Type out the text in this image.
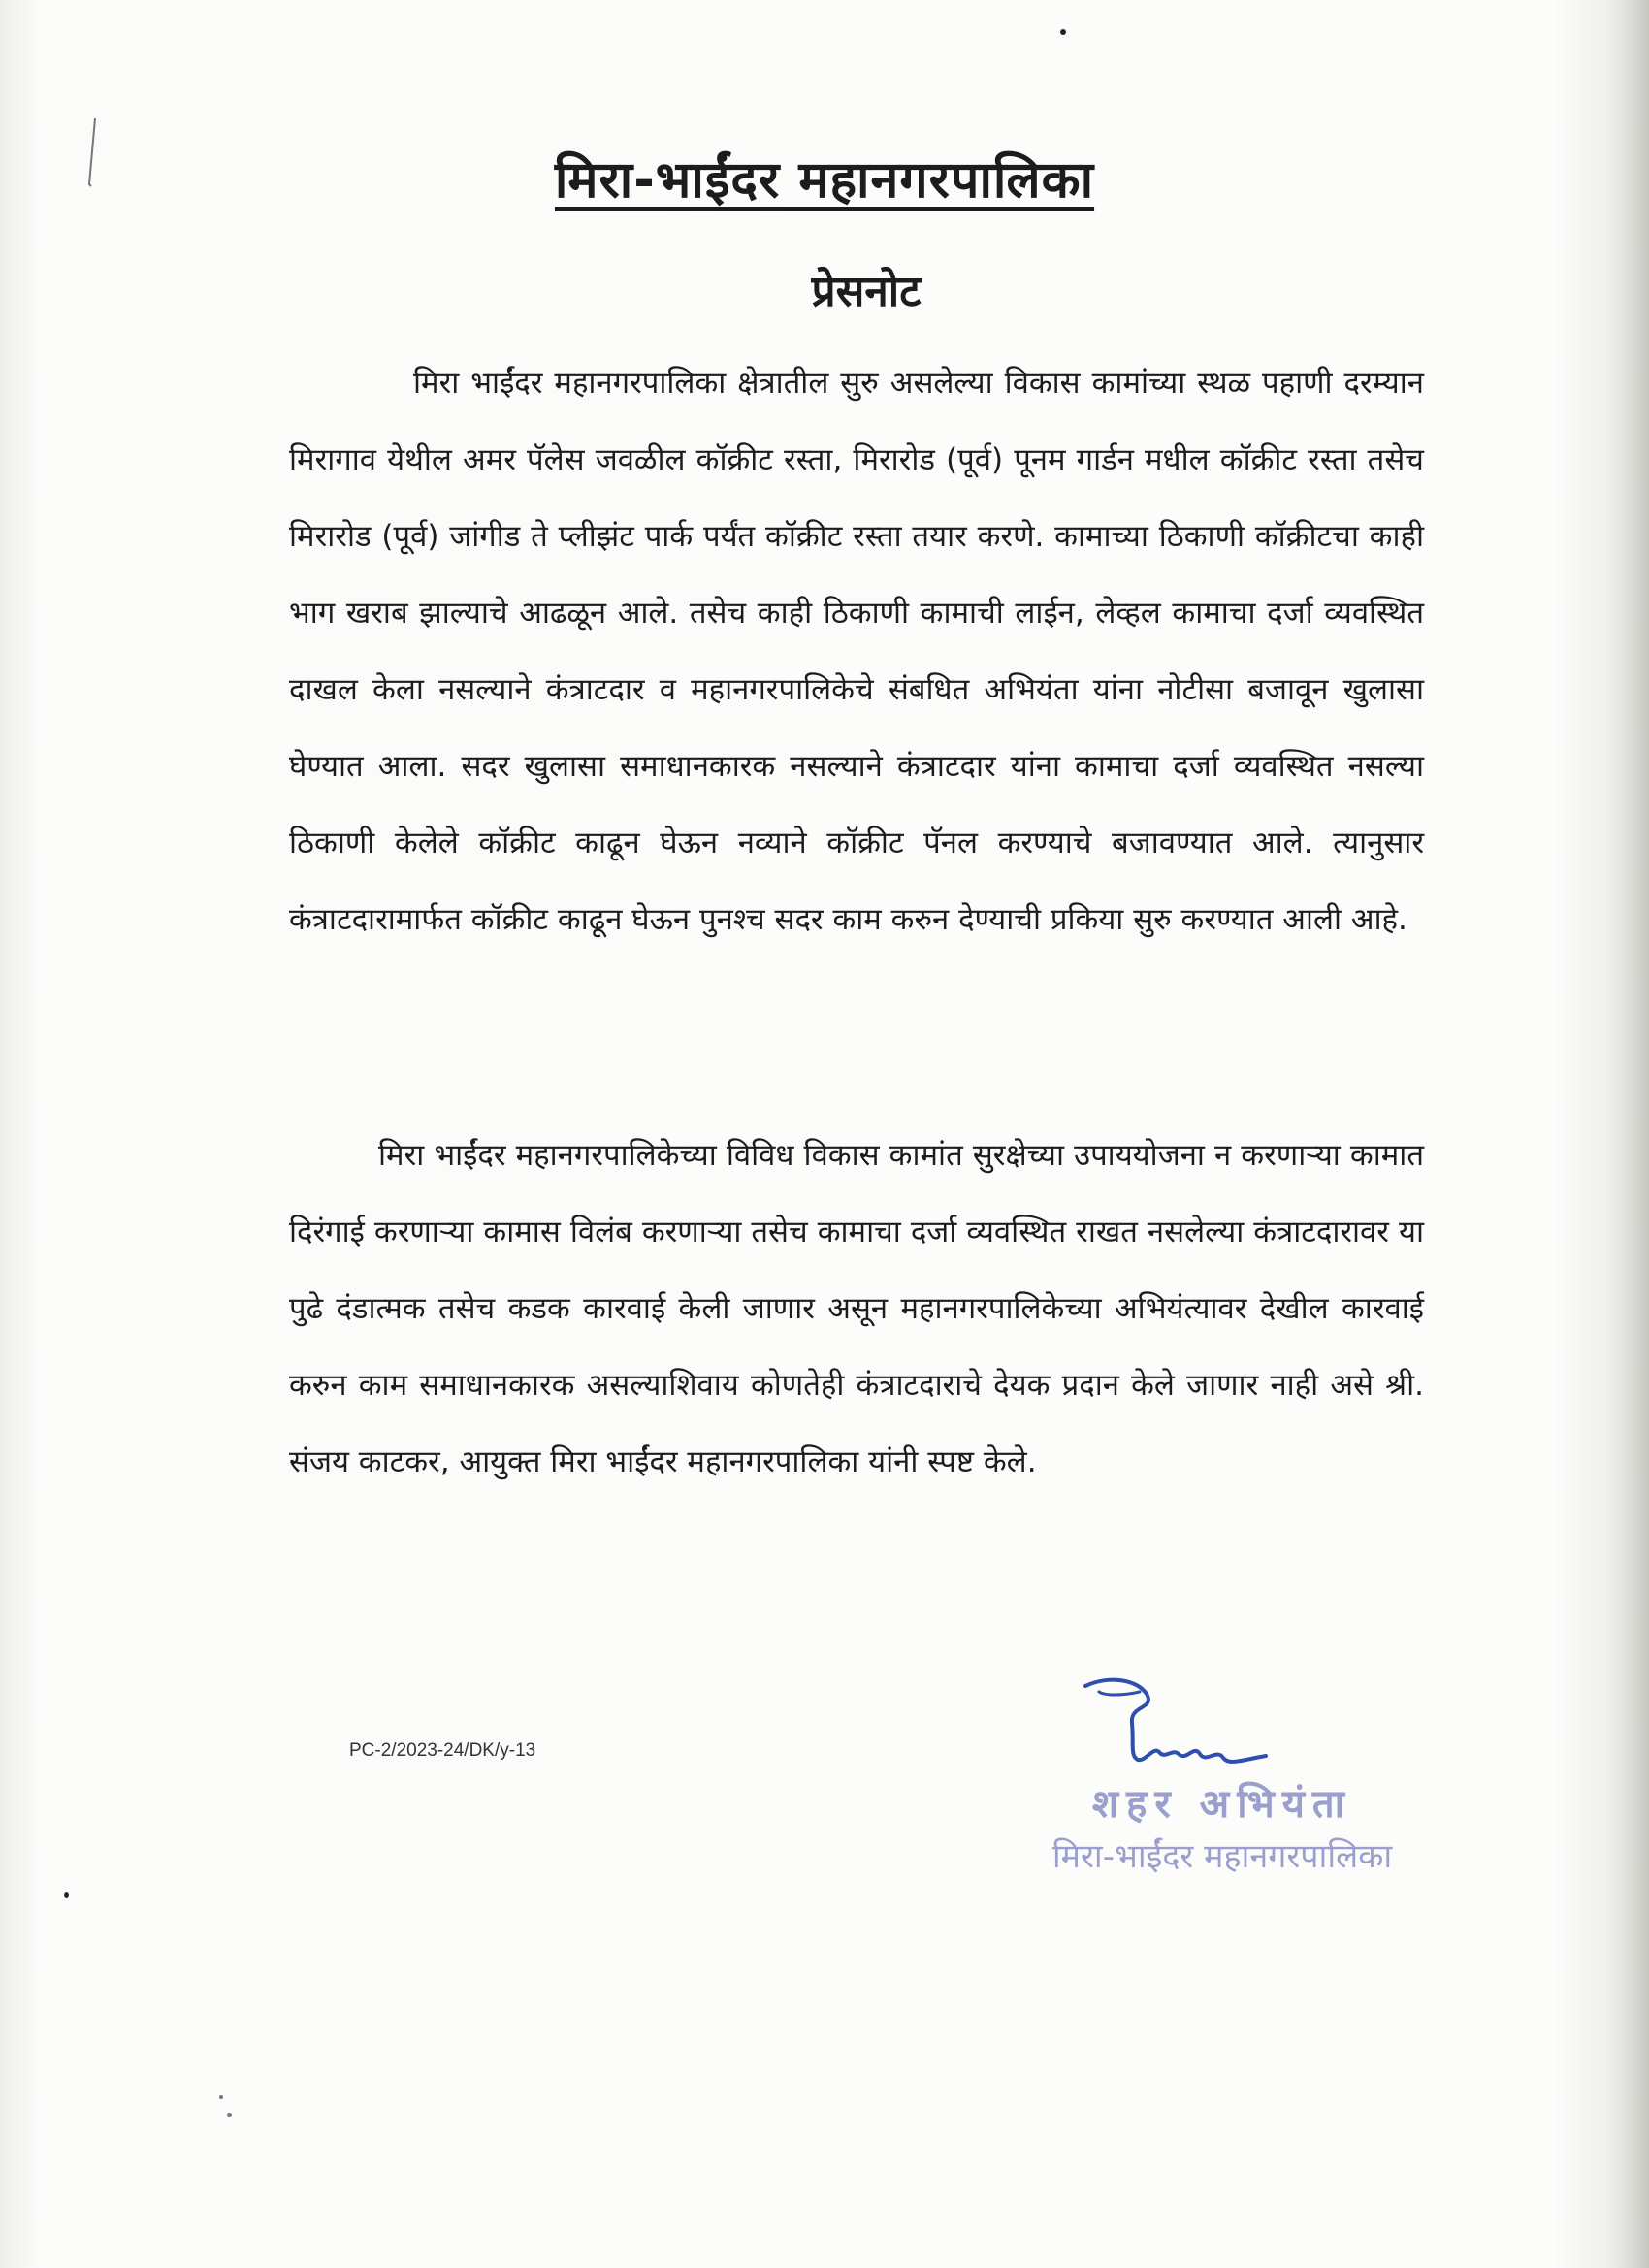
मिरा-भाईंदर महानगरपालिका
प्रेसनोट

मिरा भाईंदर महानगरपालिका क्षेत्रातील सुरु असलेल्या विकास कामांच्या स्थळ पहाणी दरम्यान मिरागाव येथील अमर पॅलेस जवळील कॉक्रीट रस्ता, मिरारोड (पूर्व) पूनम गार्डन मधील कॉक्रीट रस्ता तसेच मिरारोड (पूर्व) जांगीड ते प्लीझंट पार्क पर्यंत कॉक्रीट रस्ता तयार करणे. कामाच्या ठिकाणी कॉक्रीटचा काही भाग खराब झाल्याचे आढळून आले. तसेच काही ठिकाणी कामाची लाईन, लेव्हल कामाचा दर्जा व्यवस्थित दाखल केला नसल्याने कंत्राटदार व महानगरपालिकेचे संबधित अभियंता यांना नोटीसा बजावून खुलासा घेण्यात आला. सदर खुलासा समाधानकारक नसल्याने कंत्राटदार यांना कामाचा दर्जा व्यवस्थित नसल्या ठिकाणी केलेले कॉक्रीट काढून घेऊन नव्याने कॉक्रीट पॅनल करण्याचे बजावण्यात आले. त्यानुसार कंत्राटदारामार्फत कॉक्रीट काढून घेऊन पुनश्च सदर काम करुन देण्याची प्रकिया सुरु करण्यात आली आहे.

मिरा भाईंदर महानगरपालिकेच्या विविध विकास कामांत सुरक्षेच्या उपाययोजना न करणाऱ्या कामात दिरंगाई करणाऱ्या कामास विलंब करणाऱ्या तसेच कामाचा दर्जा व्यवस्थित राखत नसलेल्या कंत्राटदारावर या पुढे दंडात्मक तसेच कडक कारवाई केली जाणार असून महानगरपालिकेच्या अभियंत्यावर देखील कारवाई करुन काम समाधानकारक असल्याशिवाय कोणतेही कंत्राटदाराचे देयक प्रदान केले जाणार नाही असे श्री. संजय काटकर, आयुक्त मिरा भाईंदर महानगरपालिका यांनी स्पष्ट केले.

PC-2/2023-24/DK/y-13
शहर अभियंता
मिरा-भाईंदर महानगरपालिका
